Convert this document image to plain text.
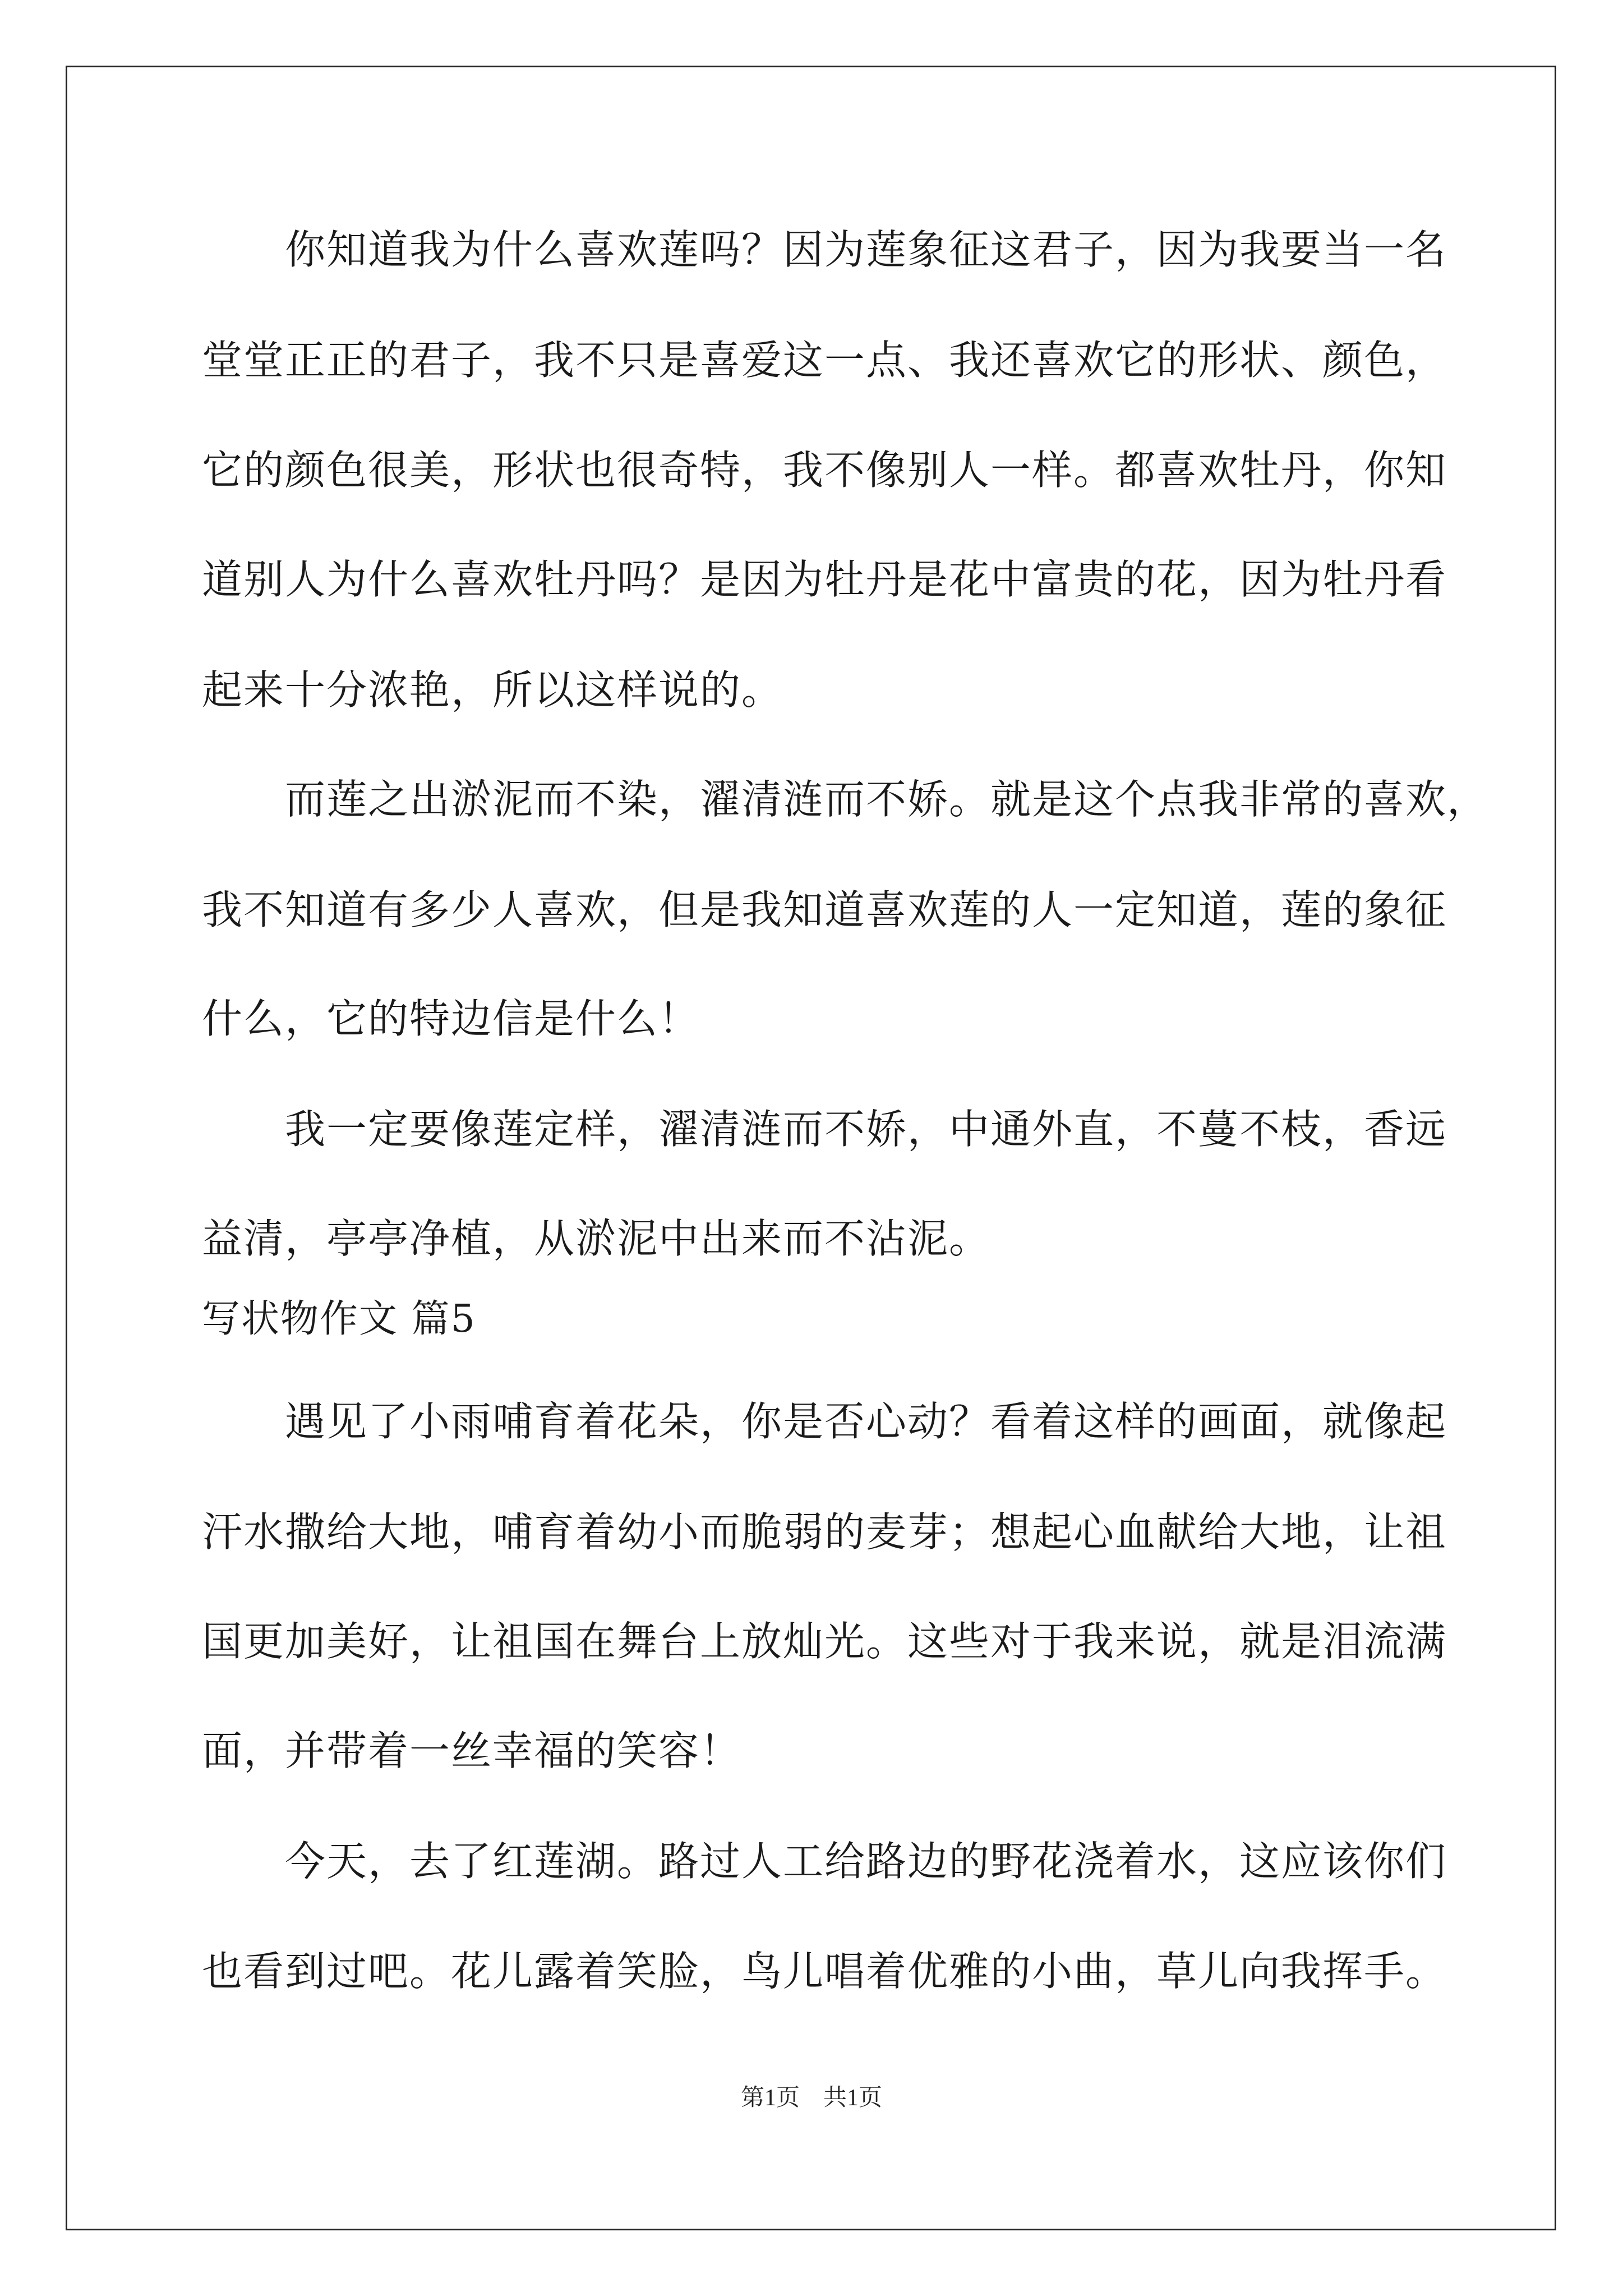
你知道我为什么喜欢莲吗？因为莲象征这君子，因为我要当一名
堂堂正正的君子，我不只是喜爱这一点、我还喜欢它的形状、颜色，
它的颜色很美，形状也很奇特，我不像别人一样。都喜欢牡丹，你知
道别人为什么喜欢牡丹吗？是因为牡丹是花中富贵的花，因为牡丹看
起来十分浓艳，所以这样说的。
而莲之出淤泥而不染，濯清涟而不娇。就是这个点我非常的喜欢，
我不知道有多少人喜欢，但是我知道喜欢莲的人一定知道，莲的象征
什么，它的特边信是什么！
我一定要像莲定样，濯清涟而不娇，中通外直，不蔓不枝，香远
益清，亭亭净植，从淤泥中出来而不沾泥。
写状物作文 篇5
遇见了小雨哺育着花朵，你是否心动？看着这样的画面，就像起
汗水撒给大地，哺育着幼小而脆弱的麦芽；想起心血献给大地，让祖
国更加美好，让祖国在舞台上放灿光。这些对于我来说，就是泪流满
面，并带着一丝幸福的笑容！
今天，去了红莲湖。路过人工给路边的野花浇着水，这应该你们
也看到过吧。花儿露着笑脸，鸟儿唱着优雅的小曲，草儿向我挥手。
第1页　共1页
